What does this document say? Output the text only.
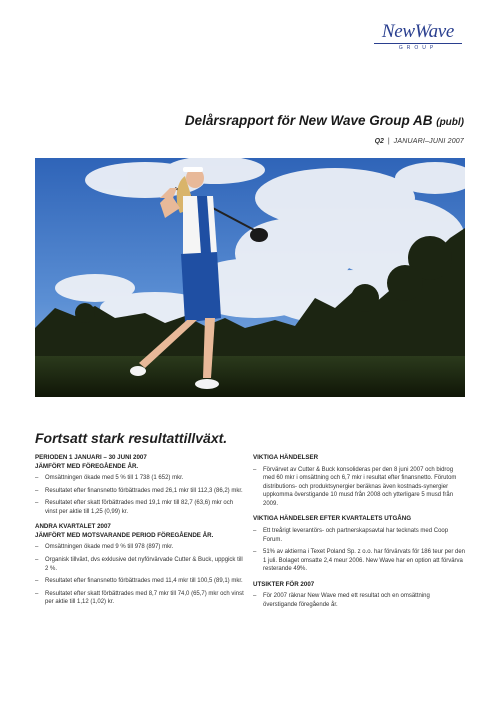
NewWave
GROUP
Delårsrapport för New Wave Group AB (publ)
Q2 | JANUARI–JUNI 2007
Fortsatt stark resultattillväxt.
PERIODEN 1 JANUARI – 30 JUNI 2007
JÄMFÖRT MED FÖREGÅENDE ÅR.
– Omsättningen ökade med 5 % till 1 738 (1 652) mkr.
– Resultatet efter finansnetto förbättrades med 26,1 mkr till 112,3 (86,2) mkr.
– Resultatet efter skatt förbättrades med 19,1 mkr till 82,7 (63,6) mkr och vinst per aktie till 1,25 (0,99) kr.
ANDRA KVARTALET 2007
JÄMFÖRT MED MOTSVARANDE PERIOD FÖREGÅENDE ÅR.
– Omsättningen ökade med 9 % till 978 (897) mkr.
– Organisk tillväxt, dvs exklusive det nyförvärvade Cutter & Buck, uppgick till 2 %.
– Resultatet efter finansnetto förbättrades med 11,4 mkr till 100,5 (89,1) mkr.
– Resultatet efter skatt förbättrades med 8,7 mkr till 74,0 (65,7) mkr och vinst per aktie till 1,12 (1,02) kr.
VIKTIGA HÄNDELSER
– Förvärvet av Cutter & Buck konsolideras per den 8 juni 2007 och bidrog med 60 mkr i omsättning och 6,7 mkr i resultat efter finansnetto. Förutom distributions- och produktsynergier beräknas även kostnads-synergier uppkomma överstigande 10 musd från 2008 och ytterligare 5 musd från 2009.
VIKTIGA HÄNDELSER EFTER KVARTALETS UTGÅNG
– Ett treårigt leverantörs- och partnerskapsavtal har tecknats med Coop Forum.
– 51% av aktierna i Texet Poland Sp. z o.o. har förvärvats för 186 teur per den 1 juli. Bolaget omsatte 2,4 meur 2006. New Wave har en option att förvärva resterande 49%.
UTSIKTER FÖR 2007
– För 2007 räknar New Wave med ett resultat och en omsättning överstigande föregående år.
